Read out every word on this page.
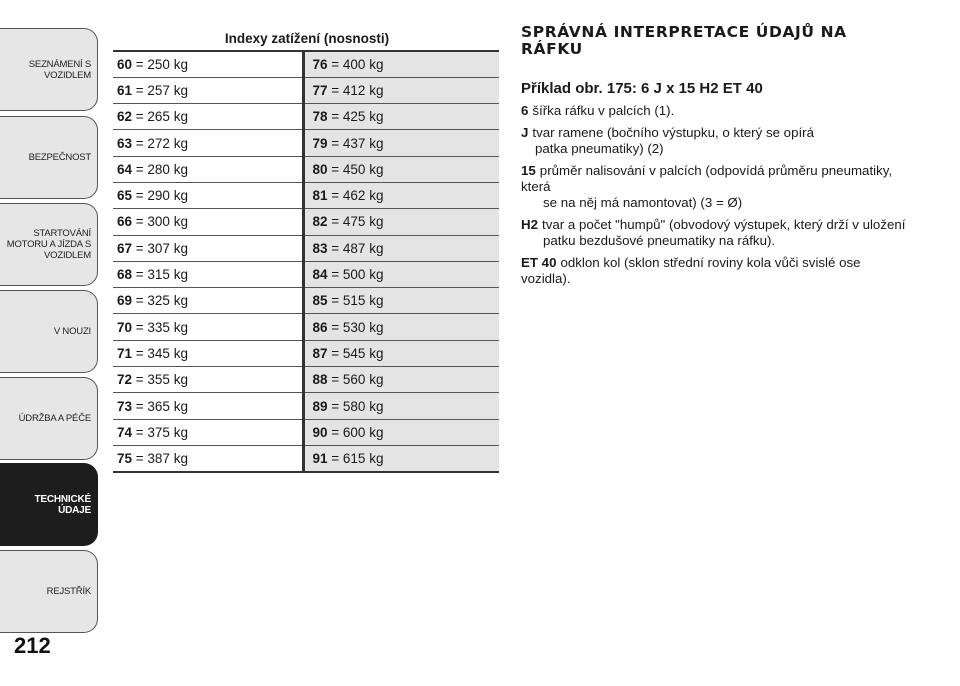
SEZNÁMENÍ S
VOZIDLEM
BEZPEČNOST
STARTOVÁNÍ
MOTORU A JÍZDA S
VOZIDLEM
V NOUZI
ÚDRŽBA A PÉČE
TECHNICKÉ ÚDAJE
REJSTŘÍK
212
Indexy zatížení (nosnosti)
60 = 250 kg	76 = 400 kg
61 = 257 kg	77 = 412 kg
62 = 265 kg	78 = 425 kg
63 = 272 kg	79 = 437 kg
64 = 280 kg	80 = 450 kg
65 = 290 kg	81 = 462 kg
66 = 300 kg	82 = 475 kg
67 = 307 kg	83 = 487 kg
68 = 315 kg	84 = 500 kg
69 = 325 kg	85 = 515 kg
70 = 335 kg	86 = 530 kg
71 = 345 kg	87 = 545 kg
72 = 355 kg	88 = 560 kg
73 = 365 kg	89 = 580 kg
74 = 375 kg	90 = 600 kg
75 = 387 kg	91 = 615 kg
SPRÁVNÁ INTERPRETACE ÚDAJŮ NA RÁFKU
Příklad obr. 175: 6 J x 15 H2 ET 40
6 šířka ráfku v palcích (1).
J tvar ramene (bočního výstupku, o který se opírá
patka pneumatiky) (2)
15 průměr nalisování v palcích (odpovídá průměru pneumatiky, která
se na něj má namontovat) (3 = Ø)
H2 tvar a počet "humpů" (obvodový výstupek, který drží v uložení
patku bezdušové pneumatiky na ráfku).
ET 40 odklon kol (sklon střední roviny kola vůči svislé ose vozidla).
